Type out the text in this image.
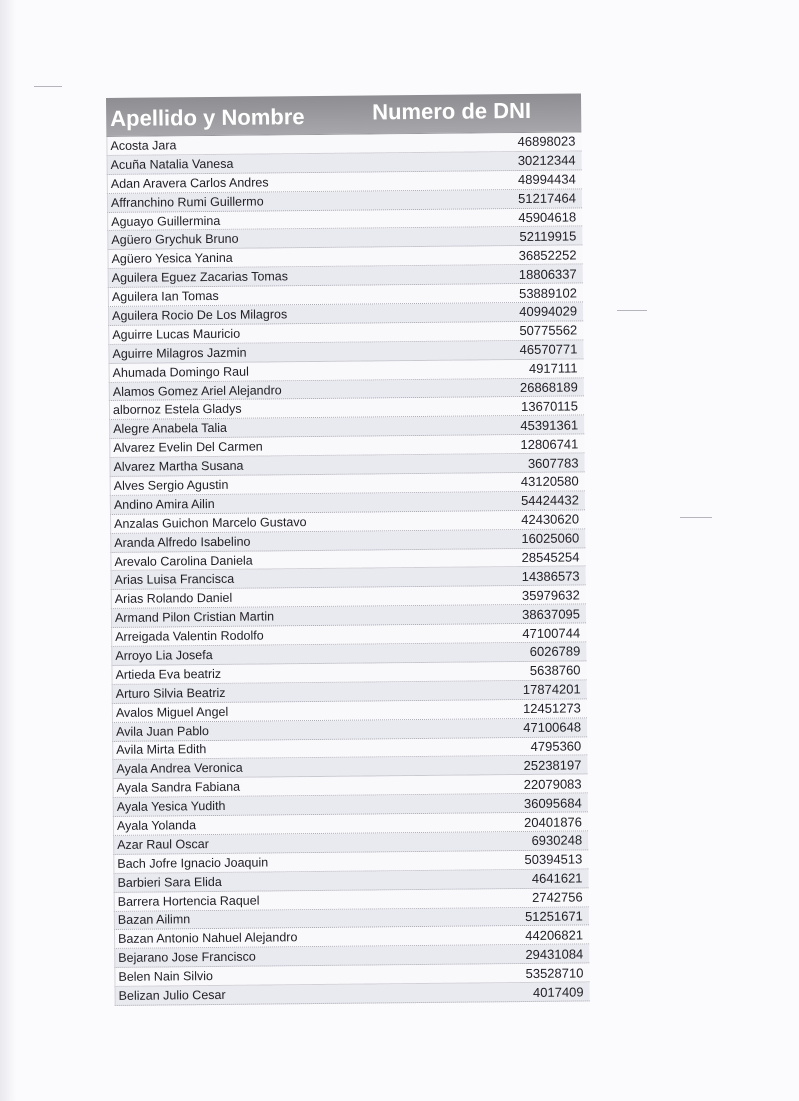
Apellido y Nombre	Numero de DNI
Acosta Jara	46898023
Acuña Natalia Vanesa	30212344
Adan Aravera Carlos Andres	48994434
Affranchino Rumi Guillermo	51217464
Aguayo Guillermina	45904618
Agüero Grychuk Bruno	52119915
Agüero Yesica Yanina	36852252
Aguilera Eguez Zacarias Tomas	18806337
Aguilera Ian Tomas	53889102
Aguilera Rocio De Los Milagros	40994029
Aguirre Lucas Mauricio	50775562
Aguirre Milagros Jazmin	46570771
Ahumada Domingo Raul	4917111
Alamos Gomez Ariel Alejandro	26868189
albornoz Estela Gladys	13670115
Alegre Anabela Talia	45391361
Alvarez Evelin Del Carmen	12806741
Alvarez Martha Susana	3607783
Alves Sergio Agustin	43120580
Andino Amira Ailin	54424432
Anzalas Guichon Marcelo Gustavo	42430620
Aranda Alfredo Isabelino	16025060
Arevalo Carolina Daniela	28545254
Arias Luisa Francisca	14386573
Arias Rolando Daniel	35979632
Armand Pilon Cristian Martin	38637095
Arreigada Valentin Rodolfo	47100744
Arroyo Lia Josefa	6026789
Artieda Eva beatriz	5638760
Arturo Silvia Beatriz	17874201
Avalos Miguel Angel	12451273
Avila Juan Pablo	47100648
Avila Mirta Edith	4795360
Ayala Andrea Veronica	25238197
Ayala Sandra Fabiana	22079083
Ayala Yesica Yudith	36095684
Ayala Yolanda	20401876
Azar Raul Oscar	6930248
Bach Jofre Ignacio Joaquin	50394513
Barbieri Sara Elida	4641621
Barrera Hortencia Raquel	2742756
Bazan Ailimn	51251671
Bazan Antonio Nahuel Alejandro	44206821
Bejarano Jose Francisco	29431084
Belen Nain Silvio	53528710
Belizan Julio Cesar	4017409
